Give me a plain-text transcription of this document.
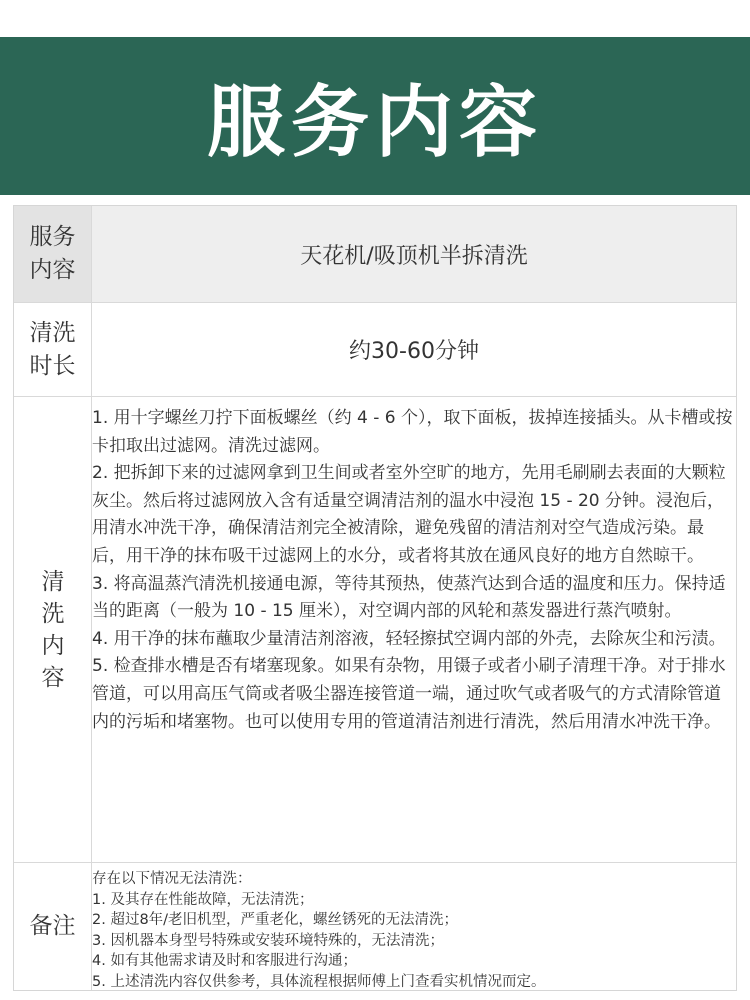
服务内容
服务内容
天花机/吸顶机半拆清洗
清洗时长
约30-60分钟
清洗内容

1. 用十字螺丝刀拧下面板螺丝（约 4 - 6 个），取下面板，拔掉连接插头。从卡槽或按卡扣取出过滤网。清洗过滤网。

2. 把拆卸下来的过滤网拿到卫生间或者室外空旷的地方，先用毛刷刷去表面的大颗粒灰尘。然后将过滤网放入含有适量空调清洁剂的温水中浸泡 15 - 20 分钟。浸泡后，用清水冲洗干净，确保清洁剂完全被清除，避免残留的清洁剂对空气造成污染。最后，用干净的抹布吸干过滤网上的水分，或者将其放在通风良好的地方自然晾干。

3. 将高温蒸汽清洗机接通电源，等待其预热，使蒸汽达到合适的温度和压力。保持适当的距离（一般为 10 - 15 厘米），对空调内部的风轮和蒸发器进行蒸汽喷射。

4. 用干净的抹布蘸取少量清洁剂溶液，轻轻擦拭空调内部的外壳，去除灰尘和污渍。

5. 检查排水槽是否有堵塞现象。如果有杂物，用镊子或者小刷子清理干净。对于排水管道，可以用高压气筒或者吸尘器连接管道一端，通过吹气或者吸气的方式清除管道内的污垢和堵塞物。也可以使用专用的管道清洁剂进行清洗，然后用清水冲洗干净。

备注

存在以下情况无法清洗：

1. 及其存在性能故障，无法清洗；

2. 超过8年/老旧机型，严重老化，螺丝锈死的无法清洗；

3. 因机器本身型号特殊或安装环境特殊的，无法清洗；

4. 如有其他需求请及时和客服进行沟通；

5. 上述清洗内容仅供参考，具体流程根据师傅上门查看实机情况而定。
